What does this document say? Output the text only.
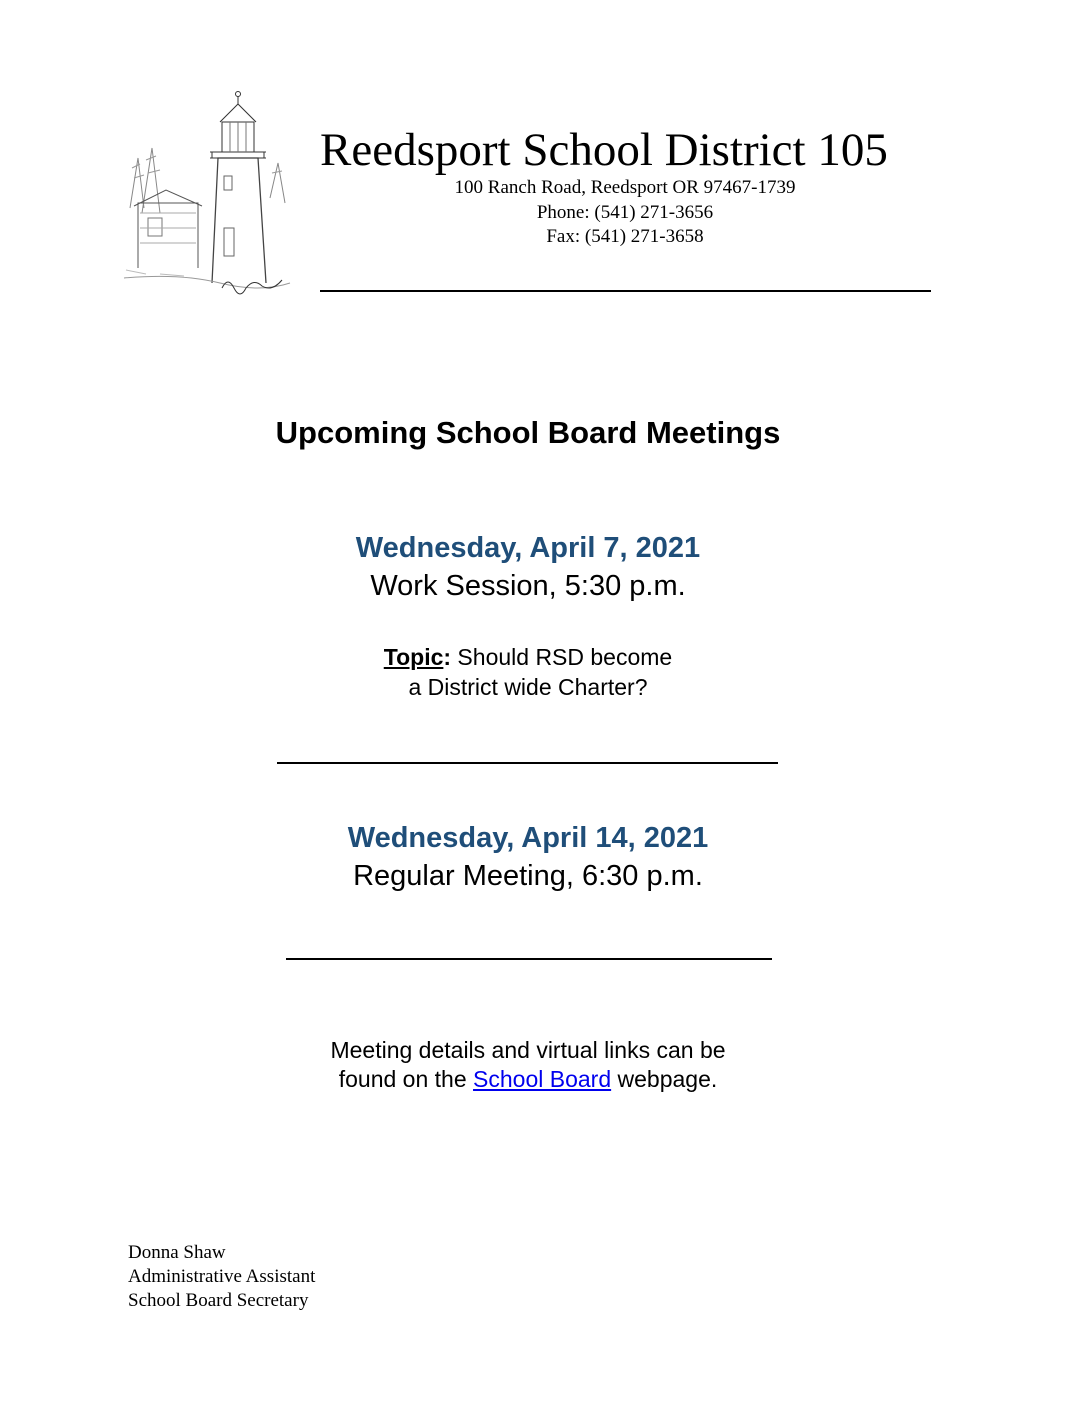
Reedsport School District 105
100 Ranch Road, Reedsport OR 97467-1739
Phone: (541) 271-3656
Fax: (541) 271-3658
Upcoming School Board Meetings
Wednesday, April 7, 2021
Work Session, 5:30 p.m.
Topic: Should RSD become
a District wide Charter?
Wednesday, April 14, 2021
Regular Meeting, 6:30 p.m.
Meeting details and virtual links can be
found on the School Board webpage.
Donna Shaw
Administrative Assistant
School Board Secretary
